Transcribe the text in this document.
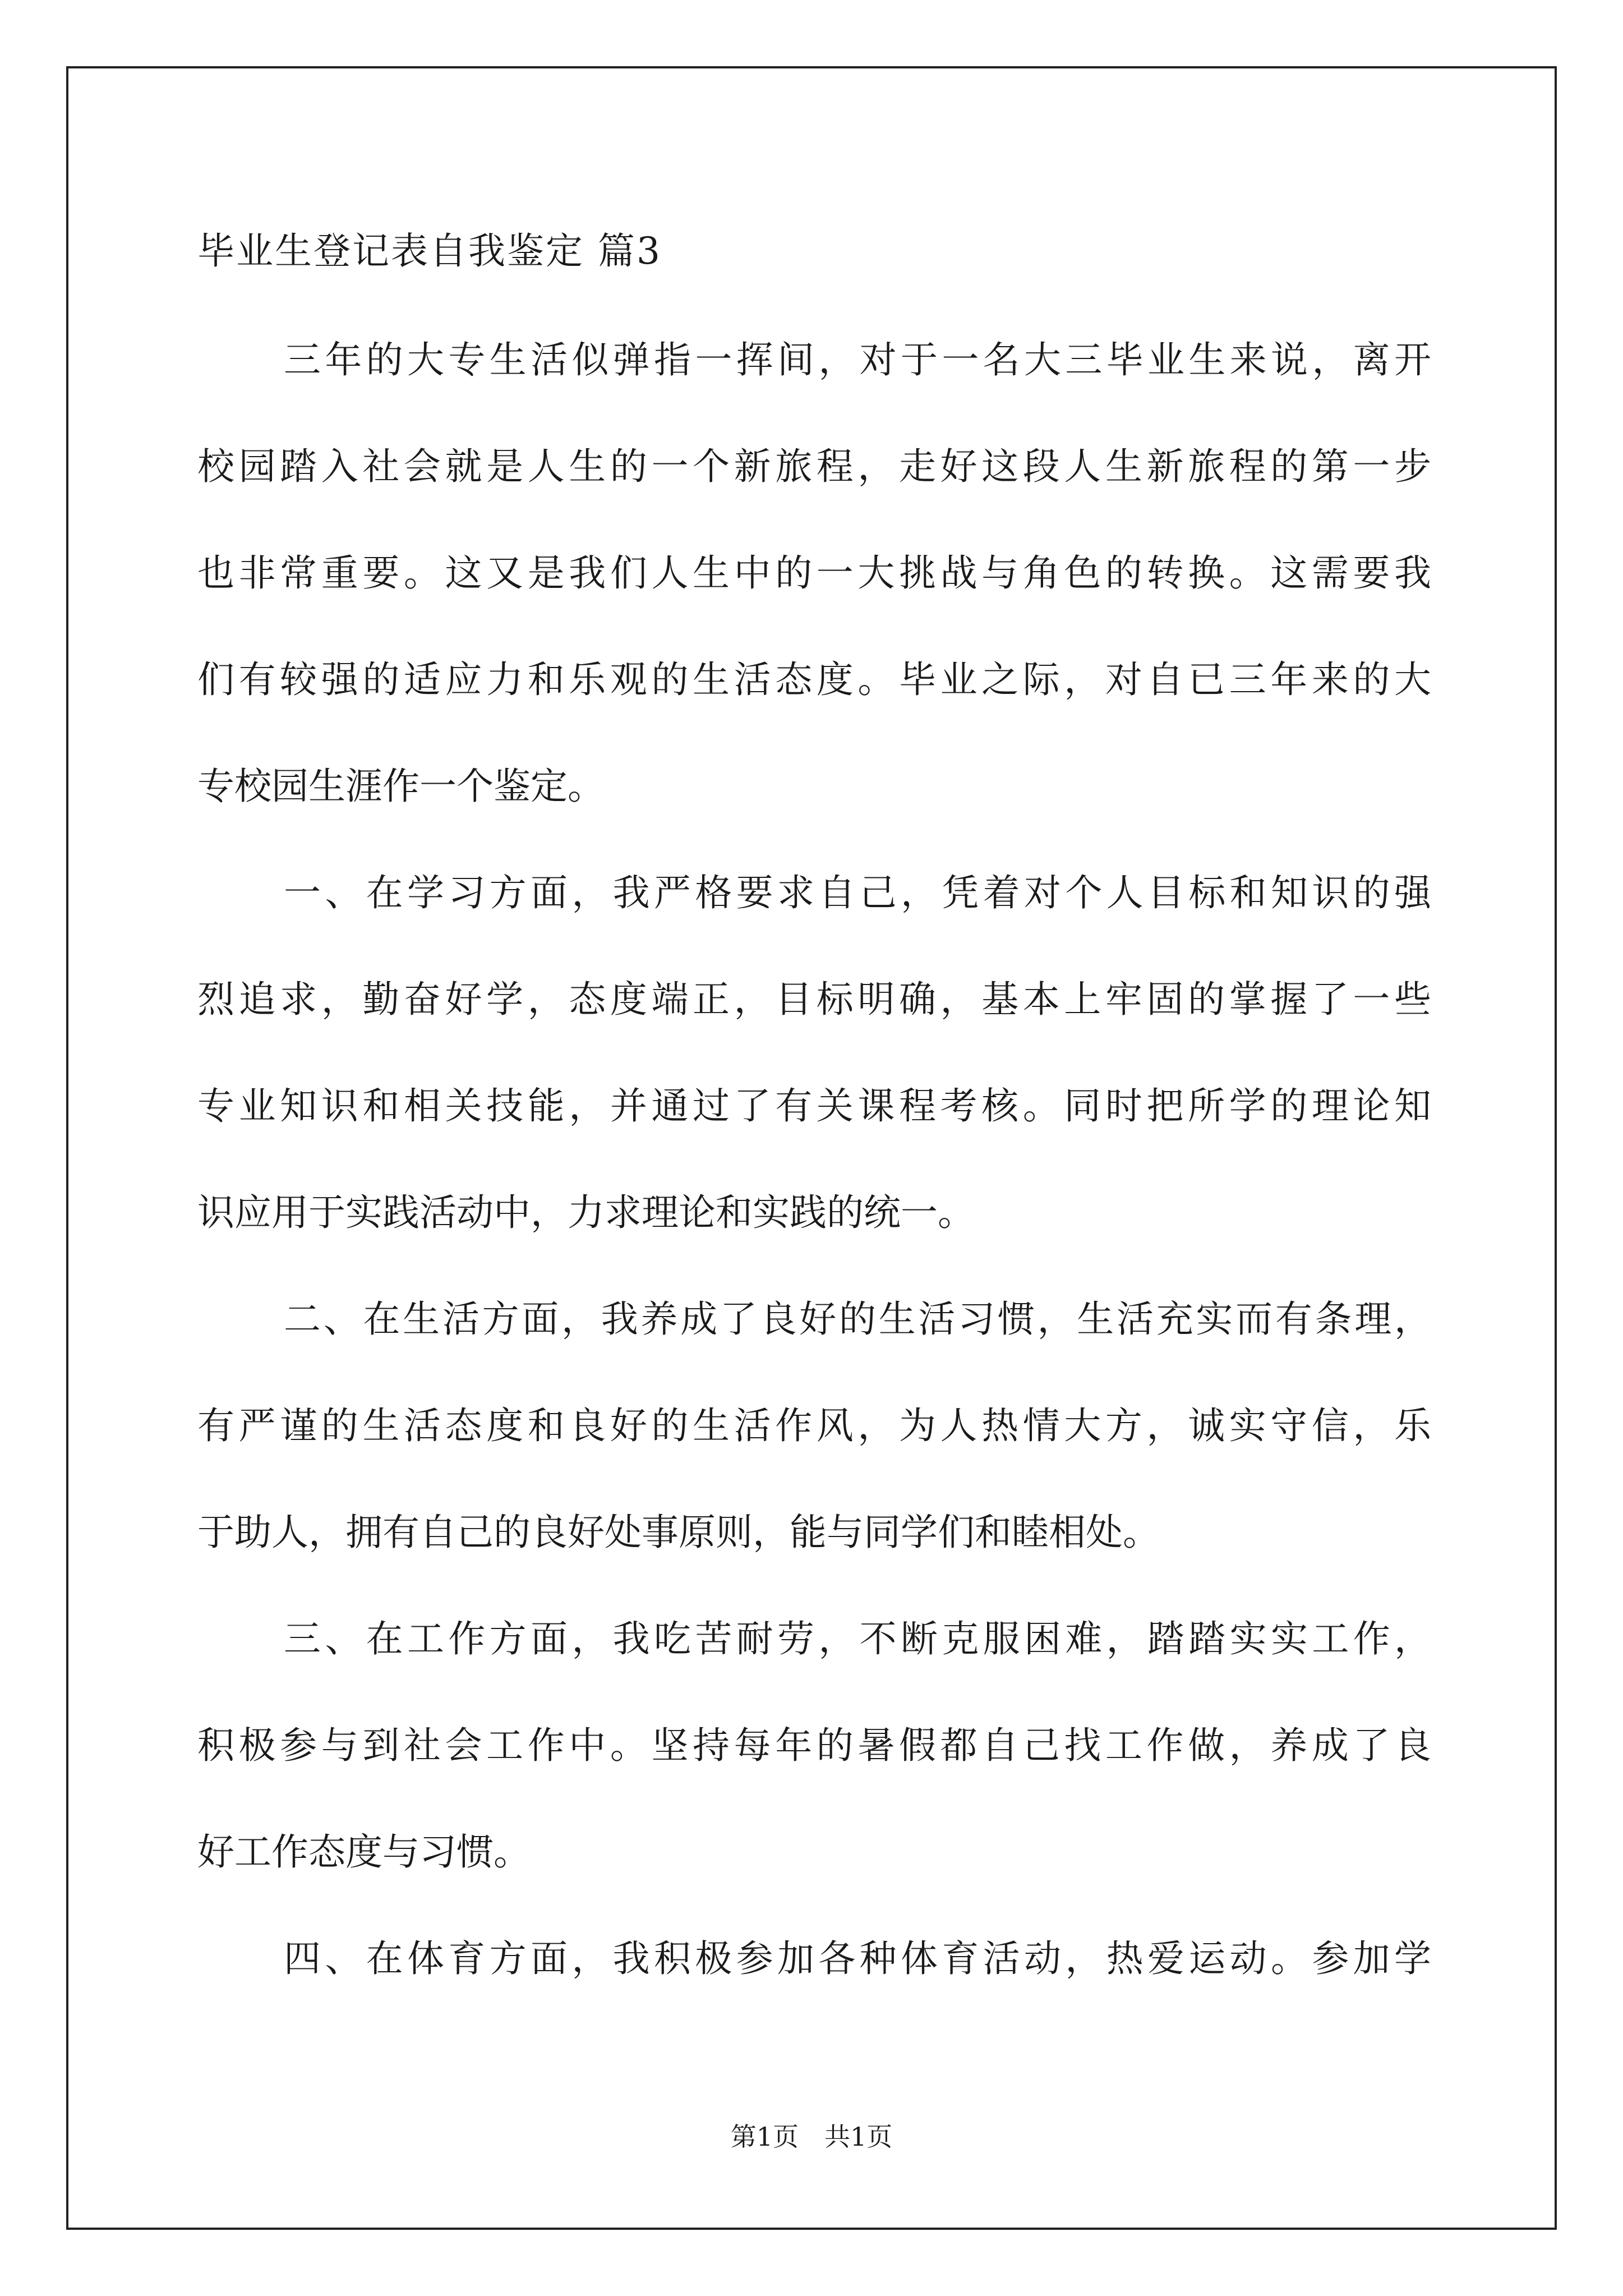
毕业生登记表自我鉴定 篇3

三年的大专生活似弹指一挥间，对于一名大三毕业生来说，离开

校园踏入社会就是人生的一个新旅程，走好这段人生新旅程的第一步

也非常重要。这又是我们人生中的一大挑战与角色的转换。这需要我

们有较强的适应力和乐观的生活态度。毕业之际，对自已三年来的大

专校园生涯作一个鉴定。

一、在学习方面，我严格要求自己，凭着对个人目标和知识的强

烈追求，勤奋好学，态度端正，目标明确，基本上牢固的掌握了一些

专业知识和相关技能，并通过了有关课程考核。同时把所学的理论知

识应用于实践活动中，力求理论和实践的统一。

二、在生活方面，我养成了良好的生活习惯，生活充实而有条理，

有严谨的生活态度和良好的生活作风，为人热情大方，诚实守信，乐

于助人，拥有自己的良好处事原则，能与同学们和睦相处。

三、在工作方面，我吃苦耐劳，不断克服困难，踏踏实实工作，

积极参与到社会工作中。坚持每年的暑假都自己找工作做，养成了良

好工作态度与习惯。

四、在体育方面，我积极参加各种体育活动，热爱运动。参加学

第1页　共1页
